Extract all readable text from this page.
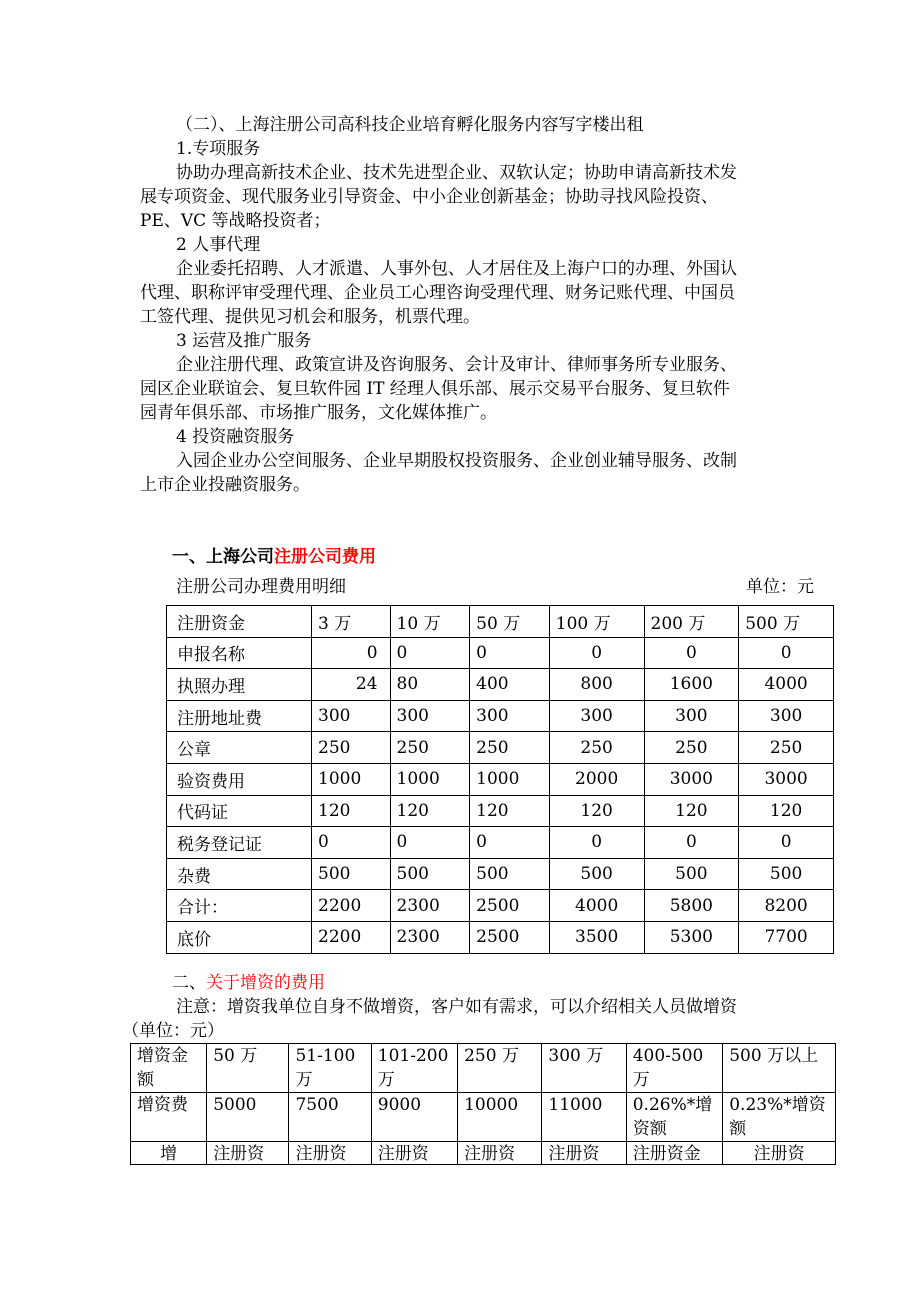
（二）、上海注册公司高科技企业培育孵化服务内容写字楼出租
1.专项服务
协助办理高新技术企业、技术先进型企业、双软认定；协助申请高新技术发
展专项资金、现代服务业引导资金、中小企业创新基金；协助寻找风险投资、
PE、VC 等战略投资者；
2 人事代理
企业委托招聘、人才派遣、人事外包、人才居住及上海户口的办理、外国认
代理、职称评审受理代理、企业员工心理咨询受理代理、财务记账代理、中国员
工签代理、提供见习机会和服务，机票代理。
3 运营及推广服务
企业注册代理、政策宣讲及咨询服务、会计及审计、律师事务所专业服务、
园区企业联谊会、复旦软件园 IT 经理人俱乐部、展示交易平台服务、复旦软件
园青年俱乐部、市场推广服务，文化媒体推广。
4 投资融资服务
入园企业办公空间服务、企业早期股权投资服务、企业创业辅导服务、改制
上市企业投融资服务。
一、上海公司注册公司费用
注册公司办理费用明细	单位：元
注册资金	3 万	10 万	50 万	100 万	200 万	500 万
申报名称	0	0	0	0	0	0
执照办理	24	80	400	800	1600	4000
注册地址费	300	300	300	300	300	300
公章	250	250	250	250	250	250
验资费用	1000	1000	1000	2000	3000	3000
代码证	120	120	120	120	120	120
税务登记证	0	0	0	0	0	0
杂费	500	500	500	500	500	500
合计：	2200	2300	2500	4000	5800	8200
底价	2200	2300	2500	3500	5300	7700
二、关于增资的费用
注意：增资我单位自身不做增资，客户如有需求，可以介绍相关人员做增资
（单位：元）
增资金额	50 万	51-100万	101-200万	250 万	300 万	400-500万	500 万以上
增资费	5000	7500	9000	10000	11000	0.26%*增资额	0.23%*增资额

增	注册资	注册资	注册资	注册资	注册资	注册资金	注册资
